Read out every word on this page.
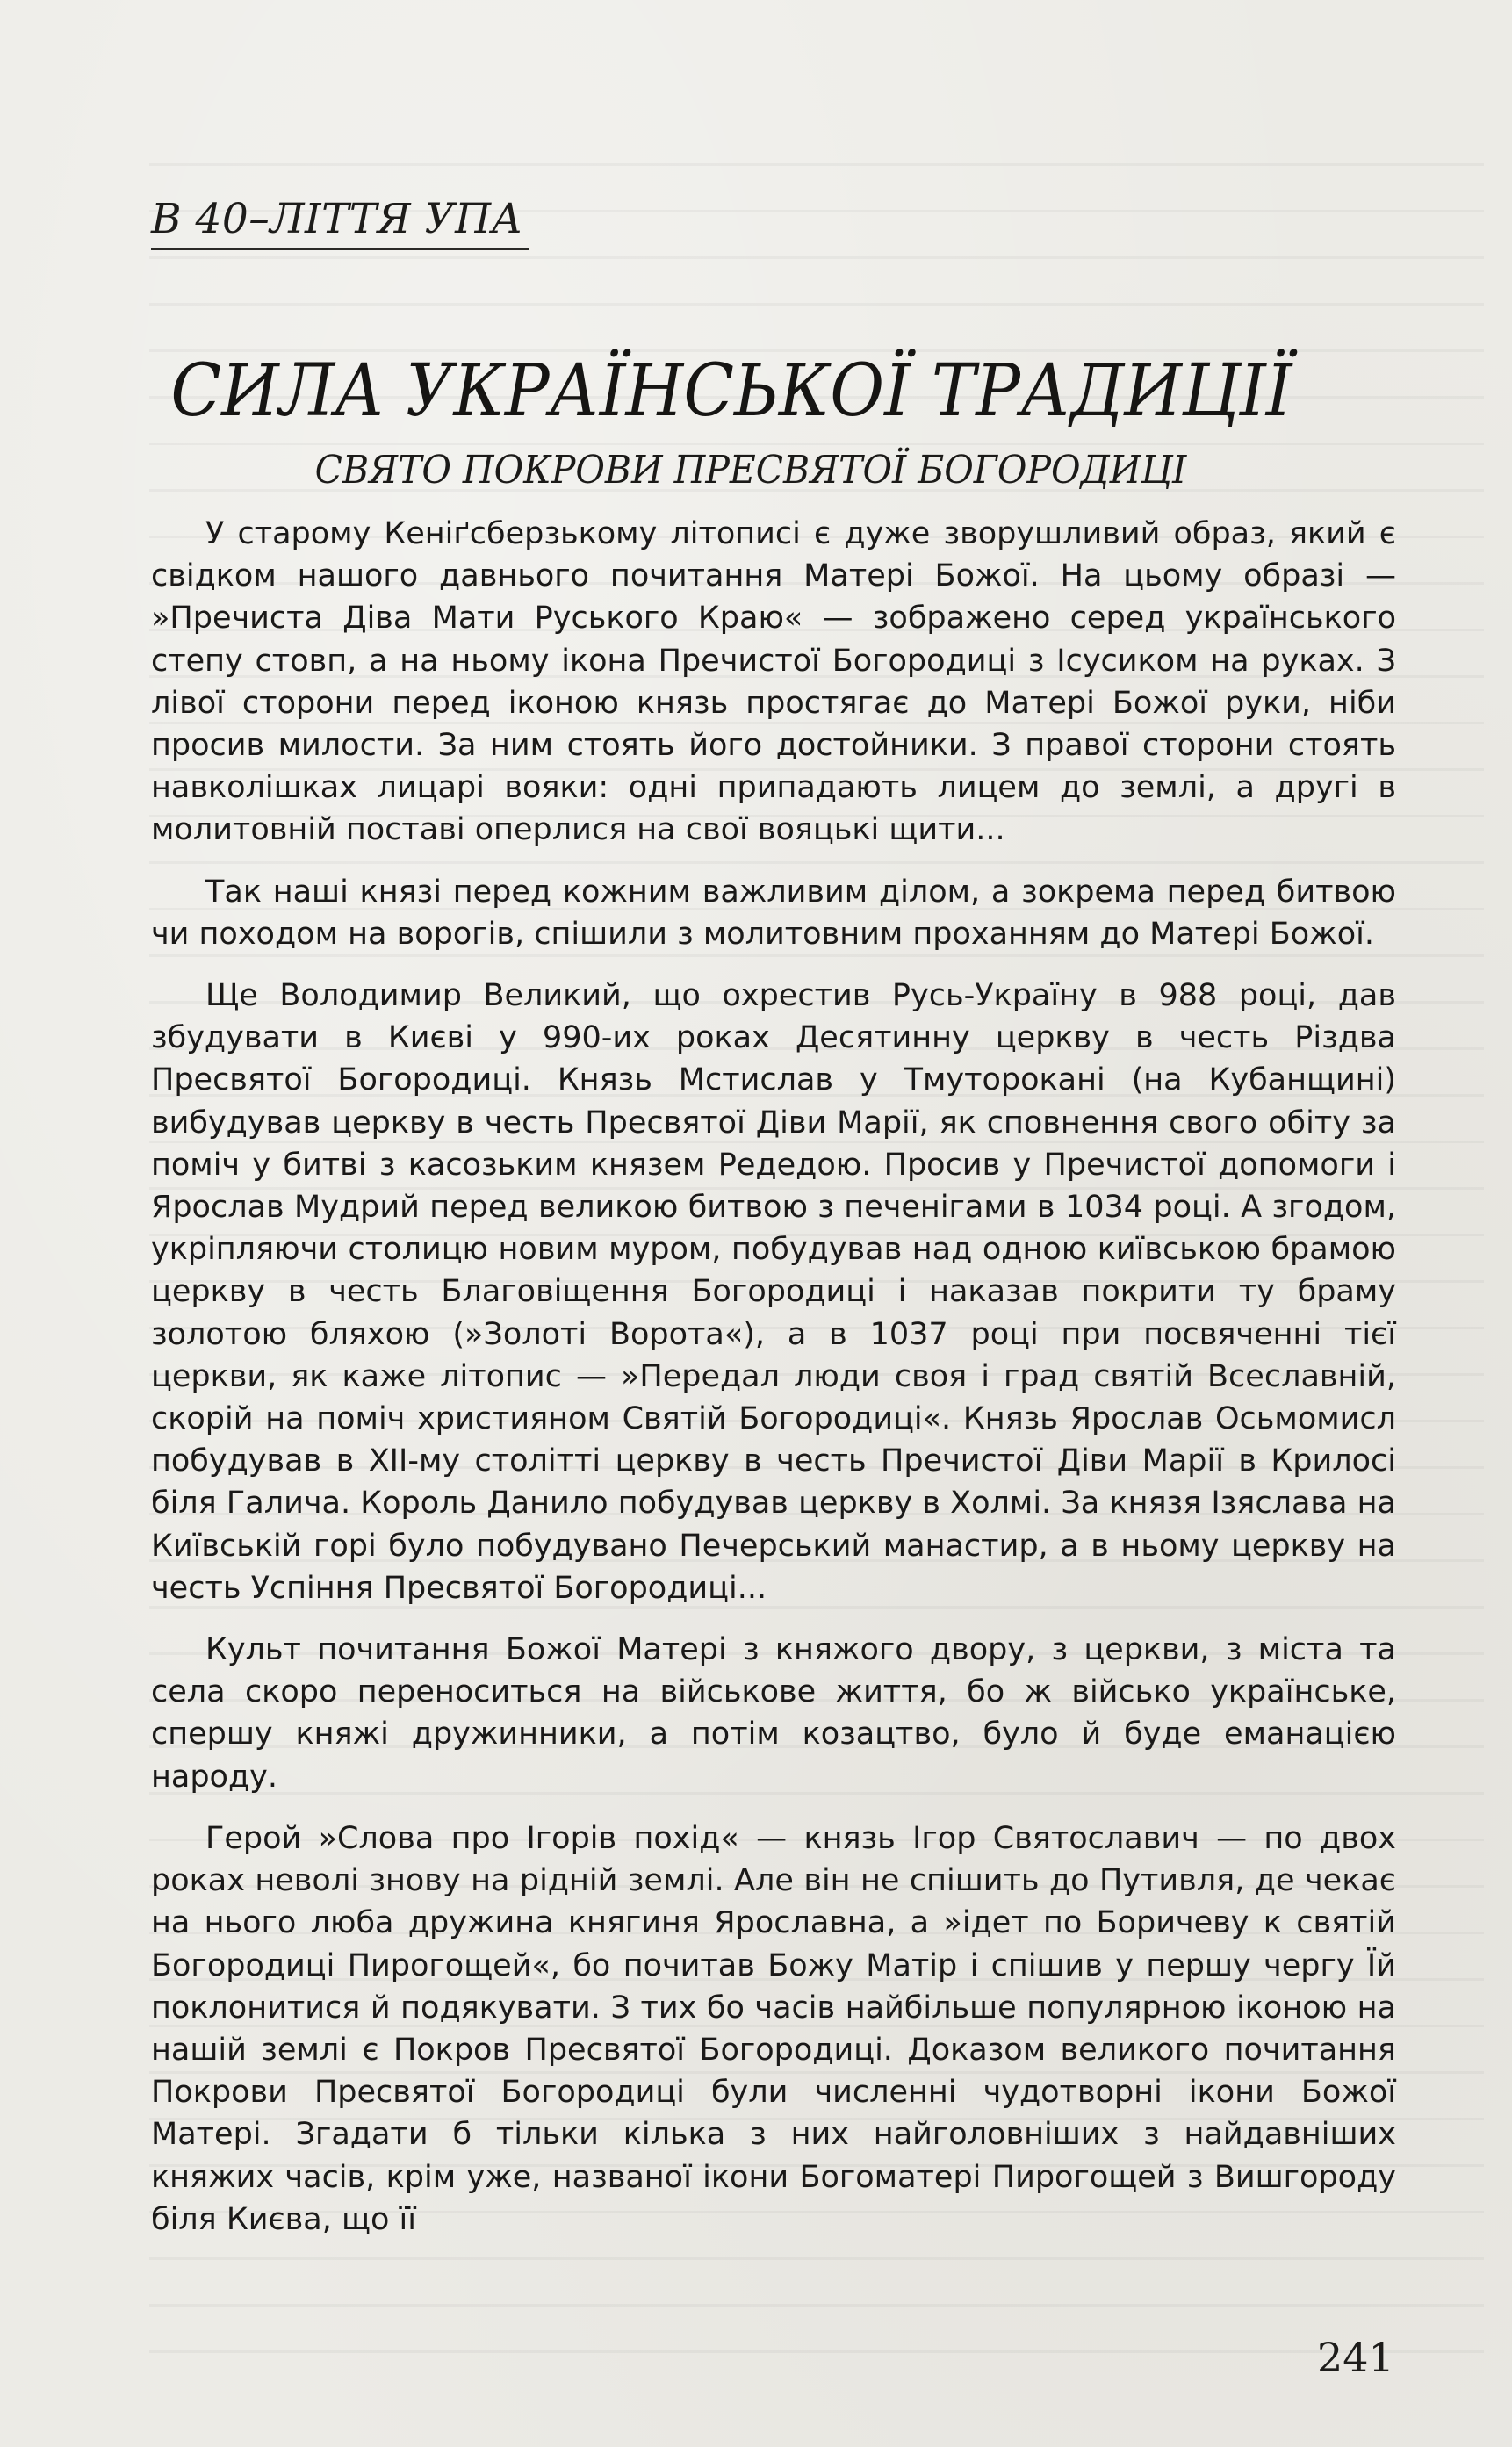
В 40–ЛІТТЯ УПА
СИЛА УКРАЇНСЬКОЇ ТРАДИЦІЇ
СВЯТО ПОКРОВИ ПРЕСВЯТОЇ БОГОРОДИЦІ

У старому Кеніґсберзькому літописі є дуже зворушливий образ, який є свідком нашого давнього почитання Матері Божої. На цьому образі — »Пречиста Діва Мати Руського Краю« — зображено серед українського степу стовп, а на ньому ікона Пречистої Богородиці з Ісусиком на руках. З лівої сторони перед іконою князь простягає до Матері Божої руки, ніби просив милости. За ним стоять його достойники. З правої сторони стоять навколішках лицарі вояки: одні припадають лицем до землі, а другі в молитовній поставі оперлися на свої вояцькі щити...

Так наші князі перед кожним важливим ділом, а зокрема перед битвою чи походом на ворогів, спішили з молитовним проханням до Матері Божої.

Ще Володимир Великий, що охрестив Русь-Україну в 988 році, дав збудувати в Києві у 990-их роках Десятинну церкву в честь Різдва Пресвятої Богородиці. Князь Мстислав у Тмуторокані (на Кубанщині) вибудував церкву в честь Пресвятої Діви Марії, як сповнення свого обіту за поміч у битві з касозьким князем Редедою. Просив у Пречистої допомоги і Ярослав Мудрий перед великою битвою з печенігами в 1034 році. А згодом, укріпляючи столицю новим муром, побудував над одною київською брамою церкву в честь Благовіщення Богородиці і наказав покрити ту браму золотою бляхою (»Золоті Ворота«), а в 1037 році при посвяченні тієї церкви, як каже літопис — »Передал люди своя і град святій Всеславній, скорій на поміч християном Святій Богородиці«. Князь Ярослав Осьмомисл побудував в XII-му столітті церкву в честь Пречистої Діви Марії в Крилосі біля Галича. Король Данило побудував церкву в Холмі. За князя Ізяслава на Київській горі було побудувано Печерський манастир, а в ньому церкву на честь Успіння Пресвятої Богородиці...

Культ почитання Божої Матері з княжого двору, з церкви, з міста та села скоро переноситься на військове життя, бо ж військо українське, спершу княжі дружинники, а потім козацтво, було й буде еманацією народу.

Герой »Слова про Ігорів похід« — князь Ігор Святославич — по двох роках неволі знову на рідній землі. Але він не спішить до Путивля, де чекає на нього люба дружина княгиня Ярославна, а »ідет по Боричеву к святій Богородиці Пирогощей«, бо почитав Божу Матір і спішив у першу чергу Їй поклонитися й подякувати. З тих бо часів найбільше популярною іконою на нашій землі є Покров Пресвятої Богородиці. Доказом великого почитання Покрови Пресвятої Богородиці були численні чудотворні ікони Божої Матері. Згадати б тільки кілька з них найголовніших з найдавніших княжих часів, крім уже, названої ікони Богоматері Пирогощей з Вишгороду біля Києва, що її

241
